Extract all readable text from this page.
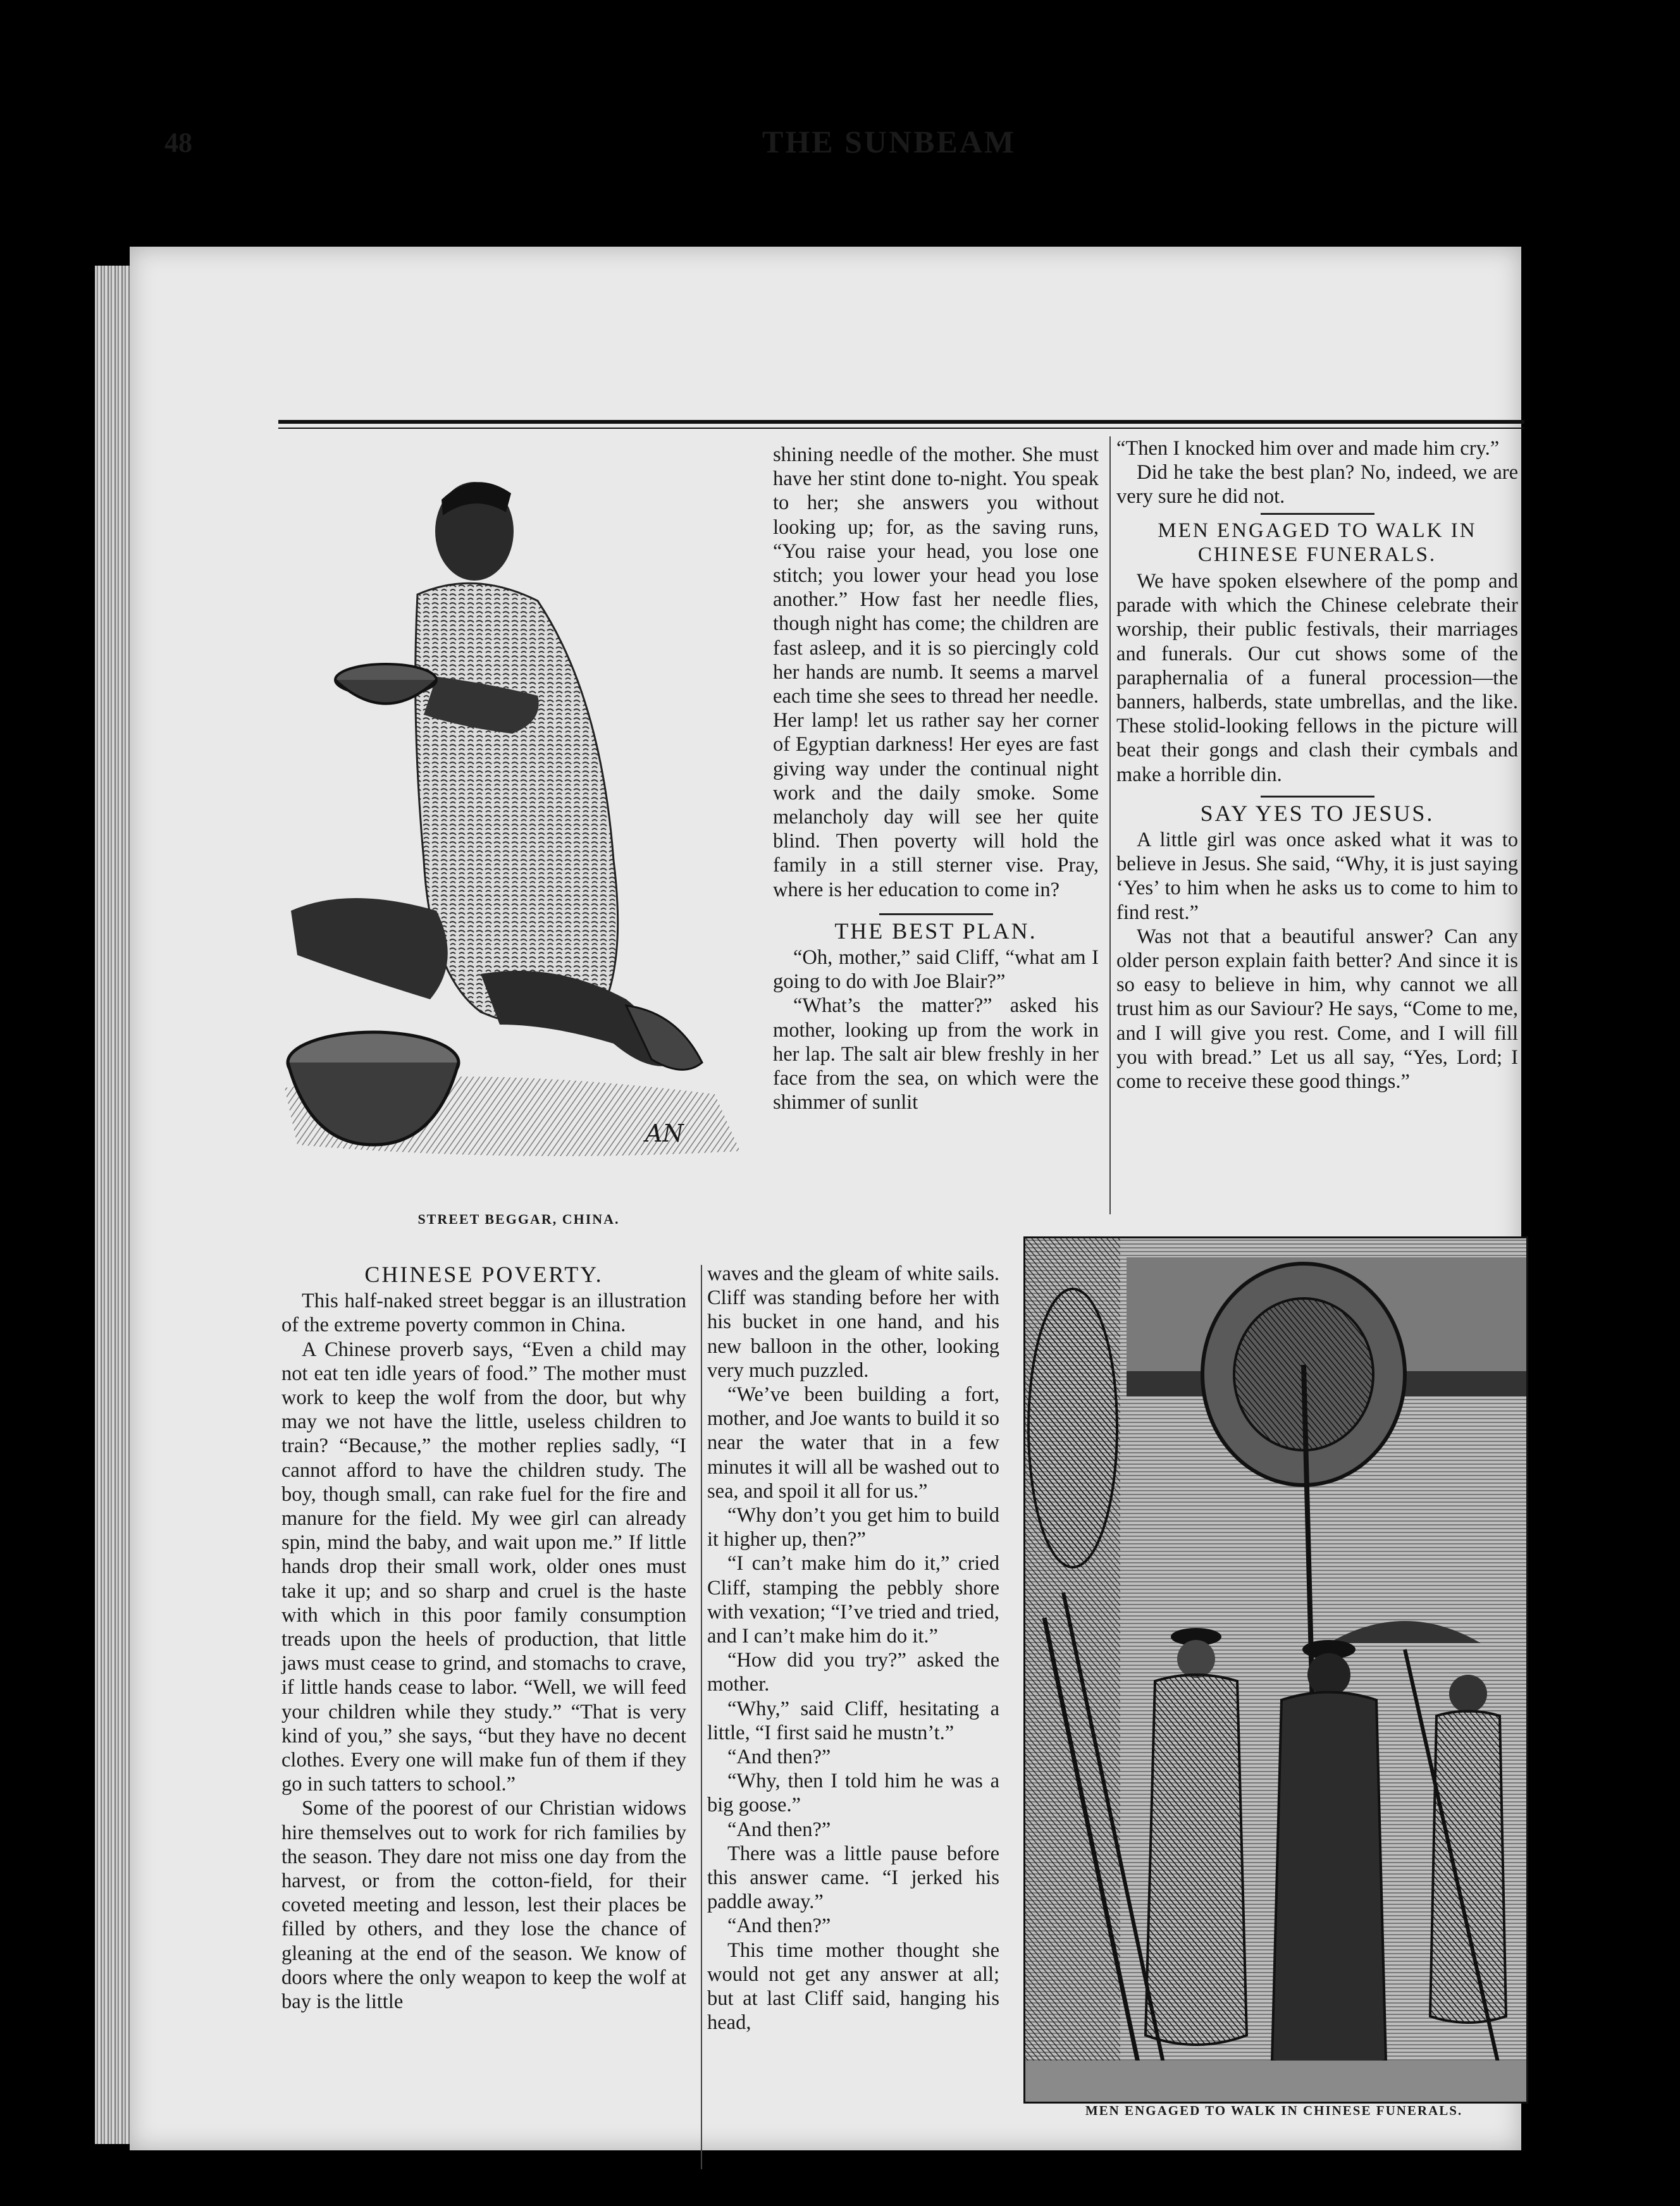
48	THE SUNBEAM
AN
STREET BEGGAR, CHINA.
CHINESE POVERTY.

This half-naked street beggar is an illustration of the extreme poverty common in China.

A Chinese proverb says, “Even a child may not eat ten idle years of food.” The mother must work to keep the wolf from the door, but why may we not have the little, useless children to train? “Because,” the mother replies sadly, “I cannot afford to have the children study. The boy, though small, can rake fuel for the fire and manure for the field. My wee girl can already spin, mind the baby, and wait upon me.” If little hands drop their small work, older ones must take it up; and so sharp and cruel is the haste with which in this poor family consumption treads upon the heels of production, that little jaws must cease to grind, and stomachs to crave, if little hands cease to labor. “Well, we will feed your children while they study.” “That is very kind of you,” she says, “but they have no decent clothes. Every one will make fun of them if they go in such tatters to school.”

Some of the poorest of our Christian widows hire themselves out to work for rich families by the season. They dare not miss one day from the harvest, or from the cotton-field, for their coveted meeting and lesson, lest their places be filled by others, and they lose the chance of gleaning at the end of the season. We know of doors where the only weapon to keep the wolf at bay is the little

shining needle of the mother. She must have her stint done to-night. You speak to her; she answers you without looking up; for, as the saving runs, “You raise your head, you lose one stitch; you lower your head you lose another.” How fast her needle flies, though night has come; the children are fast asleep, and it is so piercingly cold her hands are numb. It seems a marvel each time she sees to thread her needle. Her lamp! let us rather say her corner of Egyptian darkness! Her eyes are fast giving way under the continual night work and the daily smoke. Some melancholy day will see her quite blind. Then poverty will hold the family in a still sterner vise. Pray, where is her education to come in?

THE BEST PLAN.

“Oh, mother,” said Cliff, “what am I going to do with Joe Blair?”

“What’s the matter?” asked his mother, looking up from the work in her lap. The salt air blew freshly in her face from the sea, on which were the shimmer of sunlit

waves and the gleam of white sails. Cliff was standing before her with his bucket in one hand, and his new balloon in the other, looking very much puzzled.

“We’ve been building a fort, mother, and Joe wants to build it so near the water that in a few minutes it will all be washed out to sea, and spoil it all for us.”

“Why don’t you get him to build it higher up, then?”

“I can’t make him do it,” cried Cliff, stamping the pebbly shore with vexation; “I’ve tried and tried, and I can’t make him do it.”

“How did you try?” asked the mother.

“Why,” said Cliff, hesitating a little, “I first said he mustn’t.”

“And then?”

“Why, then I told him he was a big goose.”

“And then?”

There was a little pause before this answer came. “I jerked his paddle away.”

“And then?”

This time mother thought she would not get any answer at all; but at last Cliff said, hanging his head,

“Then I knocked him over and made him cry.”

Did he take the best plan? No, indeed, we are very sure he did not.

MEN ENGAGED TO WALK IN CHINESE FUNERALS.

We have spoken elsewhere of the pomp and parade with which the Chinese celebrate their worship, their public festivals, their marriages and funerals. Our cut shows some of the paraphernalia of a funeral procession—the banners, halberds, state umbrellas, and the like. These stolid-looking fellows in the picture will beat their gongs and clash their cymbals and make a horrible din.

SAY YES TO JESUS.

A little girl was once asked what it was to believe in Jesus. She said, “Why, it is just saying ‘Yes’ to him when he asks us to come to him to find rest.”

Was not that a beautiful answer? Can any older person explain faith better? And since it is so easy to believe in him, why cannot we all trust him as our Saviour? He says, “Come to me, and I will give you rest. Come, and I will fill you with bread.” Let us all say, “Yes, Lord; I come to receive these good things.”

MEN ENGAGED TO WALK IN CHINESE FUNERALS.
